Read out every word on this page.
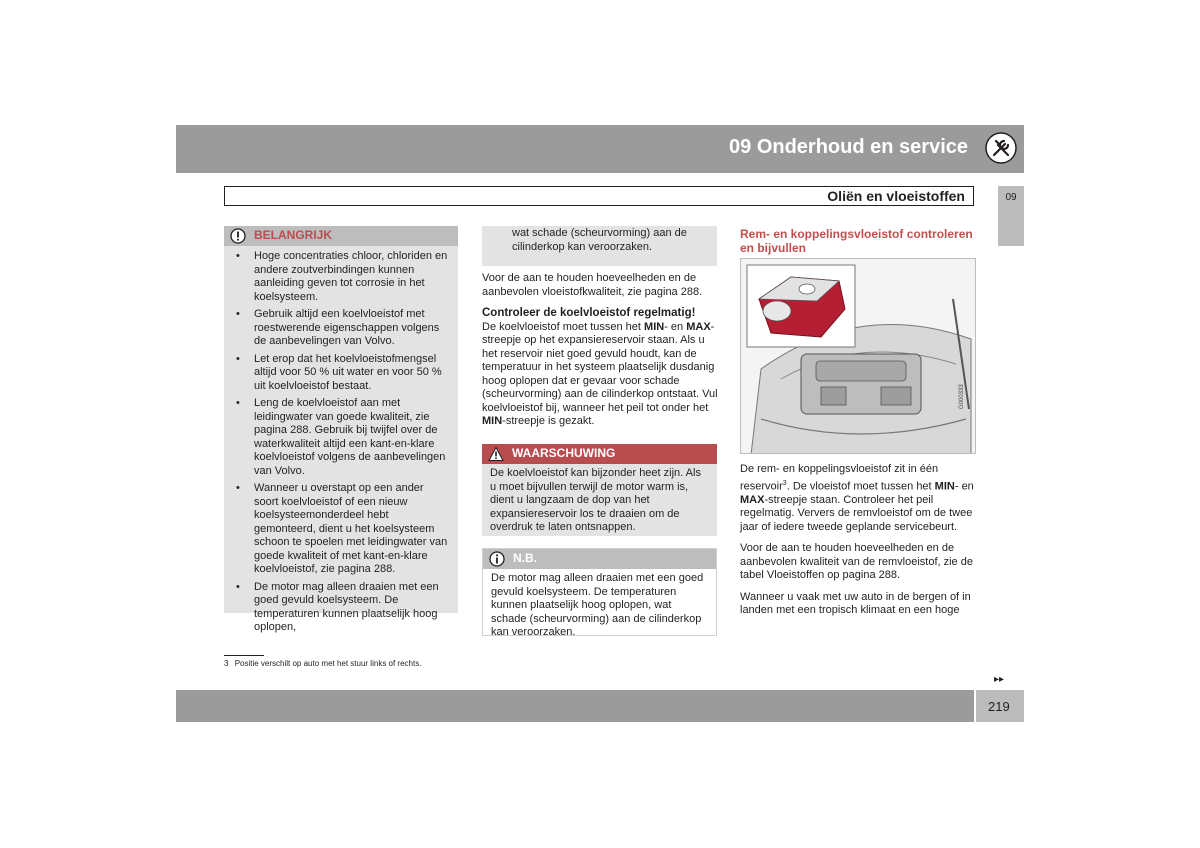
09 Onderhoud en service
Oliën en vloeistoffen	09
BELANGRIJK
• Hoge concentraties chloor, chloriden en andere zoutverbindingen kunnen aanleiding geven tot corrosie in het koelsysteem.
• Gebruik altijd een koelvloeistof met roestwerende eigenschappen volgens de aanbevelingen van Volvo.
• Let erop dat het koelvloeistofmengsel altijd voor 50 % uit water en voor 50 % uit koelvloeistof bestaat.
• Leng de koelvloeistof aan met leidingwater van goede kwaliteit, zie pagina 288. Gebruik bij twijfel over de waterkwaliteit altijd een kant-en-klare koelvloeistof volgens de aanbevelingen van Volvo.
• Wanneer u overstapt op een ander soort koelvloeistof of een nieuw koelsysteemonderdeel hebt gemonteerd, dient u het koelsysteem schoon te spoelen met leidingwater van goede kwaliteit of met kant-en-klare koelvloeistof, zie pagina 288.
• De motor mag alleen draaien met een goed gevuld koelsysteem. De temperaturen kunnen plaatselijk hoog oplopen,
wat schade (scheurvorming) aan de cilinderkop kan veroorzaken.

Voor de aan te houden hoeveelheden en de aanbevolen vloeistofkwaliteit, zie pagina 288.

Controleer de koelvloeistof regelmatig!

De koelvloeistof moet tussen het MIN- en MAX-streepje op het expansiereservoir staan. Als u het reservoir niet goed gevuld houdt, kan de temperatuur in het systeem plaatselijk dusdanig hoog oplopen dat er gevaar voor schade (scheurvorming) aan de cilinderkop ontstaat. Vul koelvloeistof bij, wanneer het peil tot onder het MIN-streepje is gezakt.

WAARSCHUWING
De koelvloeistof kan bijzonder heet zijn. Als u moet bijvullen terwijl de motor warm is, dient u langzaam de dop van het expansiereservoir los te draaien om de overdruk te laten ontsnappen.
N.B.
De motor mag alleen draaien met een goed gevuld koelsysteem. De temperaturen kunnen plaatselijk hoog oplopen, wat schade (scheurvorming) aan de cilinderkop kan veroorzaken.

Rem- en koppelingsvloeistof controleren en bijvullen

G000333

De rem- en koppelingsvloeistof zit in één reservoir$^3$. De vloeistof moet tussen het MIN- en MAX-streepje staan. Controleer het peil regelmatig. Ververs de remvloeistof om de twee jaar of iedere tweede geplande servicebeurt.

Voor de aan te houden hoeveelheden en de aanbevolen kwaliteit van de remvloeistof, zie de tabel Vloeistoffen op pagina 288.

Wanneer u vaak met uw auto in de bergen of in landen met een tropisch klimaat en een hoge

3 Positie verschilt op auto met het stuur links of rechts.
▸▸
219
